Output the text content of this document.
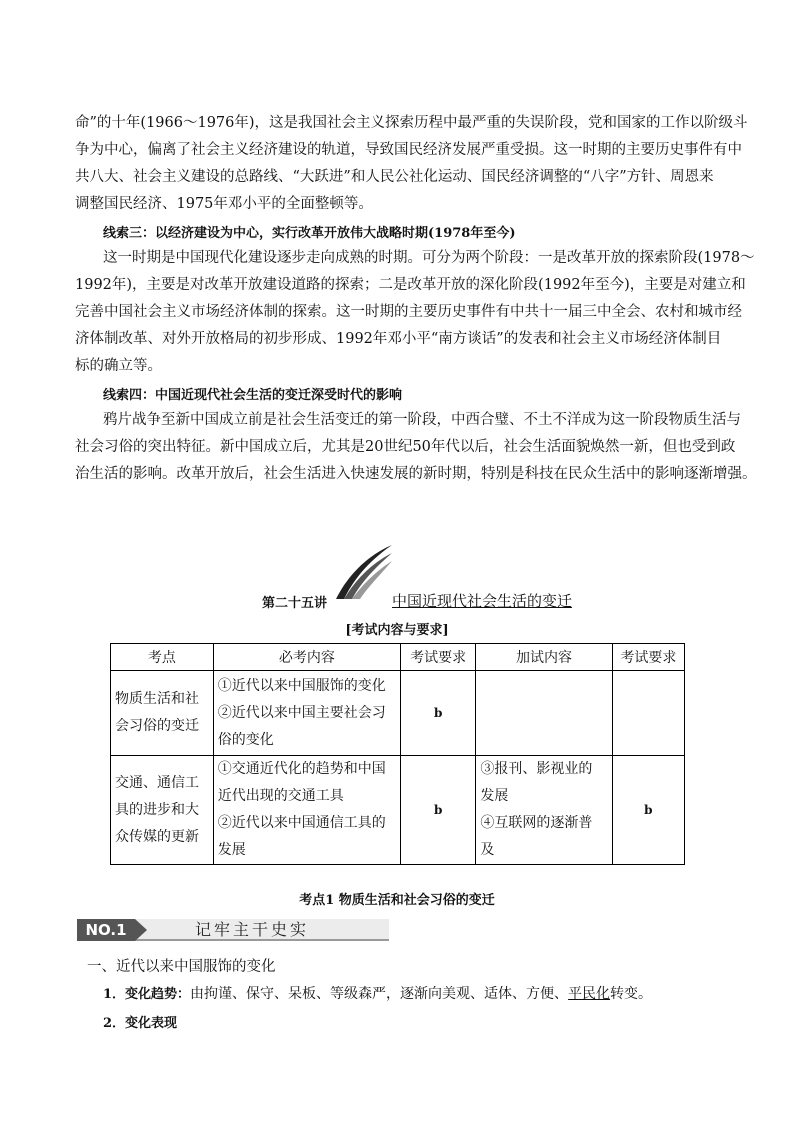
命”的十年(1966～1976年)，这是我国社会主义探索历程中最严重的失误阶段，党和国家的工作以阶级斗
争为中心，偏离了社会主义经济建设的轨道，导致国民经济发展严重受损。这一时期的主要历史事件有中
共八大、社会主义建设的总路线、“大跃进”和人民公社化运动、国民经济调整的“八字”方针、周恩来
调整国民经济、1975年邓小平的全面整顿等。
线索三：以经济建设为中心，实行改革开放伟大战略时期(1978年至今)
这一时期是中国现代化建设逐步走向成熟的时期。可分为两个阶段：一是改革开放的探索阶段(1978～
1992年)，主要是对改革开放建设道路的探索；二是改革开放的深化阶段(1992年至今)，主要是对建立和
完善中国社会主义市场经济体制的探索。这一时期的主要历史事件有中共十一届三中全会、农村和城市经
济体制改革、对外开放格局的初步形成、1992年邓小平“南方谈话”的发表和社会主义市场经济体制目
标的确立等。
线索四：中国近现代社会生活的变迁深受时代的影响
鸦片战争至新中国成立前是社会生活变迁的第一阶段，中西合璧、不土不洋成为这一阶段物质生活与
社会习俗的突出特征。新中国成立后，尤其是20世纪50年代以后，社会生活面貌焕然一新，但也受到政
治生活的影响。改革开放后，社会生活进入快速发展的新时期，特别是科技在民众生活中的影响逐渐增强。
第二十五讲	中国近现代社会生活的变迁
[考试内容与要求]
考点	必考内容	考试要求	加试内容	考试要求

物质生活和社
会习俗的变迁	①近代以来中国服饰的变化
②近代以来中国主要社会习
俗的变化	b		

交通、通信工
具的进步和大
众传媒的更新	①交通近代化的趋势和中国
近代出现的交通工具
②近代以来中国通信工具的
发展	b	③报刊、影视业的
发展
④互联网的逐渐普
及	b
考点1 物质生活和社会习俗的变迁
NO.1	记牢主干史实
一、近代以来中国服饰的变化
1．变化趋势：由拘谨、保守、呆板、等级森严，逐渐向美观、适体、方便、平民化转变。
2．变化表现
